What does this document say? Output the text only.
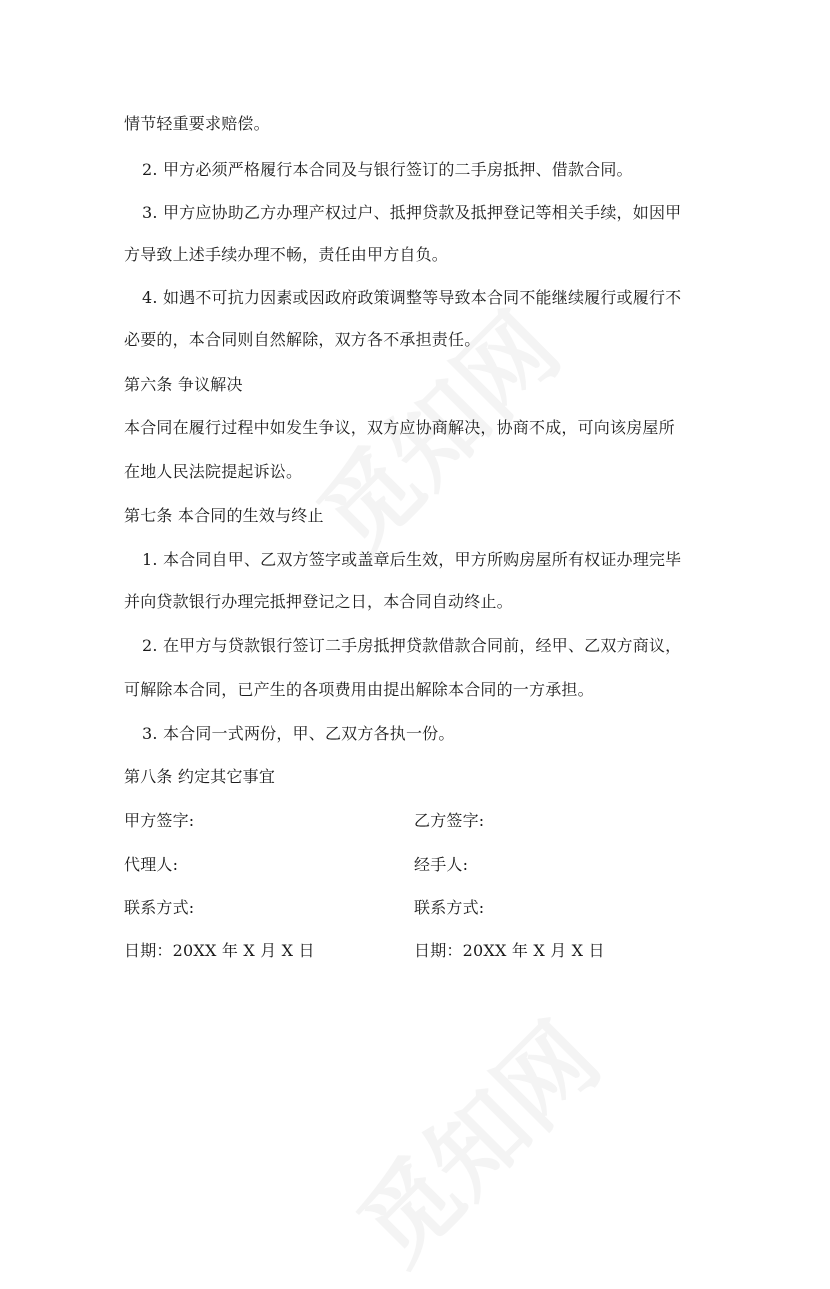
情节轻重要求赔偿。
2. 甲方必须严格履行本合同及与银行签订的二手房抵押、借款合同。
3. 甲方应协助乙方办理产权过户、抵押贷款及抵押登记等相关手续，如因甲
方导致上述手续办理不畅，责任由甲方自负。
4. 如遇不可抗力因素或因政府政策调整等导致本合同不能继续履行或履行不
必要的，本合同则自然解除，双方各不承担责任。
第六条 争议解决
本合同在履行过程中如发生争议，双方应协商解决，协商不成，可向该房屋所
在地人民法院提起诉讼。
第七条 本合同的生效与终止
1. 本合同自甲、乙双方签字或盖章后生效，甲方所购房屋所有权证办理完毕
并向贷款银行办理完抵押登记之日，本合同自动终止。
2. 在甲方与贷款银行签订二手房抵押贷款借款合同前，经甲、乙双方商议，
可解除本合同，已产生的各项费用由提出解除本合同的一方承担。
3. 本合同一式两份，甲、乙双方各执一份。
第八条 约定其它事宜
甲方签字:	乙方签字:
代理人:	经手人:
联系方式:	联系方式:
日期：20XX 年 X 月 X 日	日期：20XX 年 X 月 X 日
